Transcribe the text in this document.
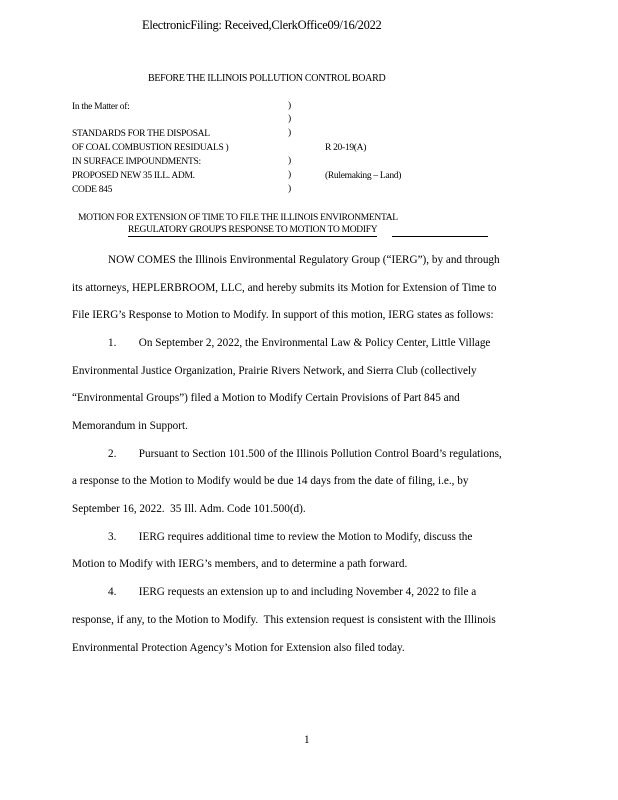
ElectronicFiling: Received,ClerkOffice09/16/2022
BEFORE THE ILLINOIS POLLUTION CONTROL BOARD
In the Matter of:
STANDARDS FOR THE DISPOSAL
OF COAL COMBUSTION RESIDUALS )
IN SURFACE IMPOUNDMENTS:
PROPOSED NEW 35 ILL. ADM.
CODE 845
)
)
)
)
)
)
R 20-19(A)
(Rulemaking – Land)
MOTION FOR EXTENSION OF TIME TO FILE THE ILLINOIS ENVIRONMENTAL
REGULATORY GROUP'S RESPONSE TO MOTION TO MODIFY
NOW COMES the Illinois Environmental Regulatory Group (“IERG”), by and through
its attorneys, HEPLERBROOM, LLC, and hereby submits its Motion for Extension of Time to
File IERG’s Response to Motion to Modify. In support of this motion, IERG states as follows:
1.        On September 2, 2022, the Environmental Law & Policy Center, Little Village
Environmental Justice Organization, Prairie Rivers Network, and Sierra Club (collectively
“Environmental Groups”) filed a Motion to Modify Certain Provisions of Part 845 and
Memorandum in Support.
2.        Pursuant to Section 101.500 of the Illinois Pollution Control Board’s regulations,
a response to the Motion to Modify would be due 14 days from the date of filing, i.e., by
September 16, 2022.  35 Ill. Adm. Code 101.500(d).
3.        IERG requires additional time to review the Motion to Modify, discuss the
Motion to Modify with IERG’s members, and to determine a path forward.
4.        IERG requests an extension up to and including November 4, 2022 to file a
response, if any, to the Motion to Modify.  This extension request is consistent with the Illinois
Environmental Protection Agency’s Motion for Extension also filed today.
1
